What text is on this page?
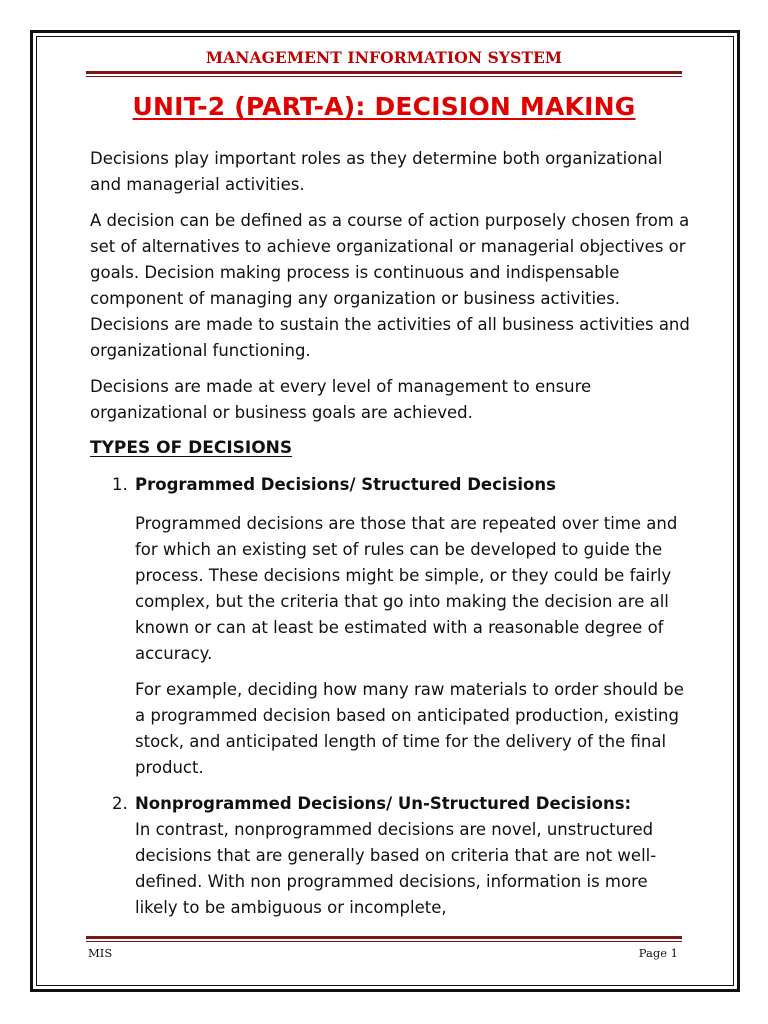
MANAGEMENT INFORMATION SYSTEM
UNIT-2 (PART-A): DECISION MAKING

Decisions play important roles as they determine both organizational and managerial activities.

A decision can be defined as a course of action purposely chosen from a set of alternatives to achieve organizational or managerial objectives or goals. Decision making process is continuous and indispensable component of managing any organization or business activities. Decisions are made to sustain the activities of all business activities and organizational functioning.

Decisions are made at every level of management to ensure organizational or business goals are achieved.

TYPES OF DECISIONS
1. Programmed Decisions/ Structured Decisions

Programmed decisions are those that are repeated over time and for which an existing set of rules can be developed to guide the process. These decisions might be simple, or they could be fairly complex, but the criteria that go into making the decision are all known or can at least be estimated with a reasonable degree of accuracy.

For example, deciding how many raw materials to order should be a programmed decision based on anticipated production, existing stock, and anticipated length of time for the delivery of the final product.

2. Nonprogrammed Decisions/ Un-Structured Decisions:

In contrast, nonprogrammed decisions are novel, unstructured decisions that are generally based on criteria that are not well-defined. With non programmed decisions, information is more likely to be ambiguous or incomplete,

MIS	Page 1
